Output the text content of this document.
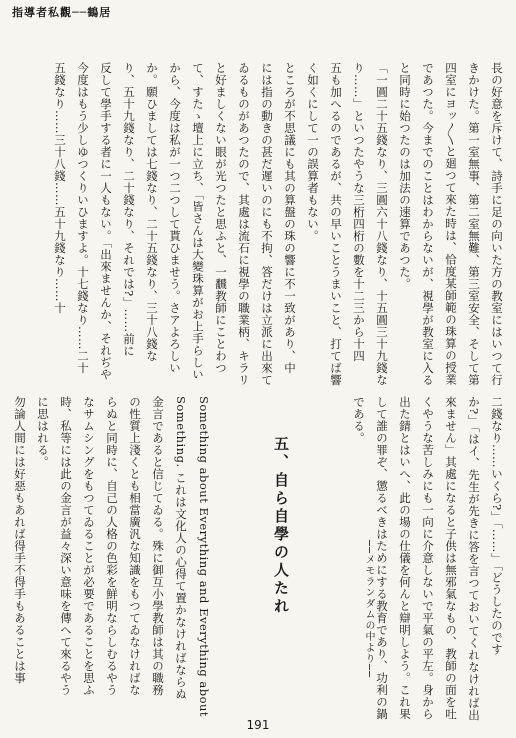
指導者私觀──鶴居
長の好意を斥けて、詩手に足の向いた方の教室にはいつて行
きかけた。第一室無事、第二室無難、第三室安全、そして第
四室にヨッ〱と廻つて來た時は、恰度某師範の珠算の授業
であつた。今までのことはわからないが、視學が教室に入る
と同時に始つたのは加法の速算であつた。
「一圓二十五錢なり、三圓六十八錢なり、十五圓三十九錢な
り……」といつたやうな三桁四桁の數を十二三から十四
五も加へるのであるが、共の早いことうまいこと、打てば響
く如くにして一の誤算者もない。
ところが不思議にも其の算盤の珠の響に不一致があり、中
には指の動きの甚だ遲いのにも不拘、答だけは立派に出來て
ゐるものがあつたので、其處は流石に視學の職業柄、キラリ
と好ましくない眼が光つたと思ふと、一飜教師にことわつ
て、すたゝ壇上に立ち、「皆さんは大變珠算がお上手らしい
から、今度は私が一つ二つして貰ひませう。さアよろしい
か。願ひましては七錢なり、二十五錢なり、三十八錢な
り、五十九錢なり、二十錢なり、それでは?」……前に
反して學手する者に一人もない。「出來ませんか、それぢや
今度はもう少しゆつくりいひますよ。十七錢なり……二十
五錢なり……三十八錢……五十九錢なり……十
二錢なり……いくら?」「……」「どうしたのです
か?」「はイ、先生が先きに答を言つておいてくれなければ出
來ません」其處になると子供は無邪氣なもの、教師の面を吐
くやうな苦しみにも一向に介意しないで平氣の平左。身から
出た錆とはいへ、此の場の仕儀を何んと辯明しよう。これ果
して誰の罪ぞ、懲るべきはためにする教育であり、功利の鍋
である。
──メモランダムの中より──
五、自ら自學の人たれ
Something about Everything and Everything about
Something. これは文化人の心得て置かなければならぬ
金言であると信じてゐる。殊に御互小學教師は其の職務
の性質上淺くとも相當廣汎な知識をもつてゐなければな
らぬと同時に、自己の人格の色彩を鮮明ならしむるやう
なサムシングをもつてゐることが必要であることを思ふ
時、私等には此の金言が益々深い意味を傳へて來るやう
に思はれる。
勿論人間には好惡もあれば得手不得手もあることは事
191
